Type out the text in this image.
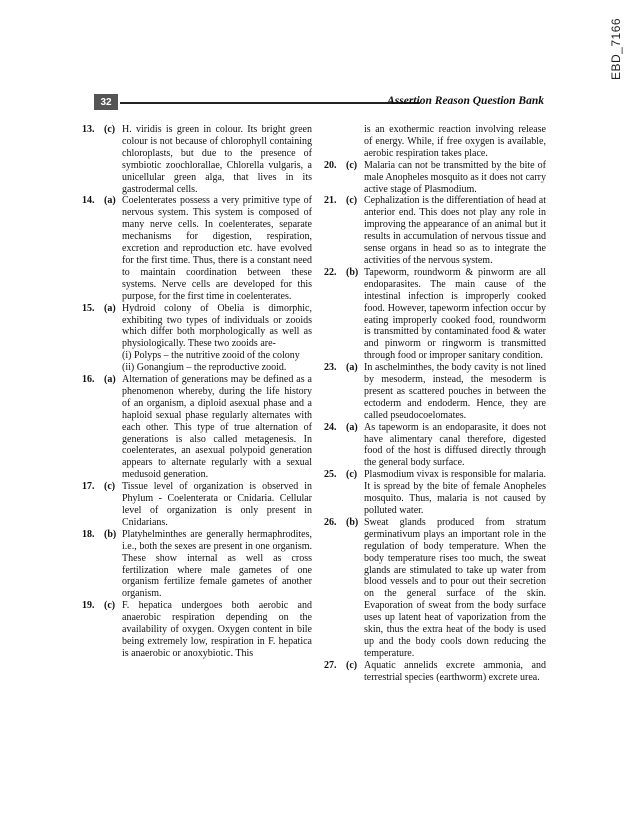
EBD_7166
32	Assertion Reason Question Bank
13. (c) H. viridis is green in colour. Its bright green colour is not because of chlorophyll containing chloroplasts, but due to the presence of symbiotic zoochlorallae, Chlorella vulgaris, a unicellular green alga, that lives in its gastrodermal cells.
14. (a) Coelenterates possess a very primitive type of nervous system. This system is composed of many nerve cells. In coelenterates, separate mechanisms for digestion, respiration, excretion and reproduction etc. have evolved for the first time. Thus, there is a constant need to maintain coordination between these systems. Nerve cells are developed for this purpose, for the first time in coelenterates.
15. (a) Hydroid colony of Obelia is dimorphic, exhibiting two types of individuals or zooids which differ both morphologically as well as physiologically. These two zooids are-
(i) Polyps – the nutritive zooid of the colony
(ii) Gonangium – the reproductive zooid.
16. (a) Alternation of generations may be defined as a phenomenon whereby, during the life history of an organism, a diploid asexual phase and a haploid sexual phase regularly alternates with each other. This type of true alternation of generations is also called metagenesis. In coelenterates, an asexual polypoid generation appears to alternate regularly with a sexual medusoid generation.
17. (c) Tissue level of organization is observed in Phylum - Coelenterata or Cnidaria. Cellular level of organization is only present in Cnidarians.
18. (b) Platyhelminthes are generally hermaphrodites, i.e., both the sexes are present in one organism. These show internal as well as cross fertilization where male gametes of one organism fertilize female gametes of another organism.
19. (c) F. hepatica undergoes both aerobic and anaerobic respiration depending on the availability of oxygen. Oxygen content in bile being extremely low, respiration in F. hepatica is anaerobic or anoxybiotic. This
is an exothermic reaction involving release of energy. While, if free oxygen is available, aerobic respiration takes place.
20. (c) Malaria can not be transmitted by the bite of male Anopheles mosquito as it does not carry active stage of Plasmodium.
21. (c) Cephalization is the differentiation of head at anterior end. This does not play any role in improving the appearance of an animal but it results in accumulation of nervous tissue and sense organs in head so as to integrate the activities of the nervous system.
22. (b) Tapeworm, roundworm & pinworm are all endoparasites. The main cause of the intestinal infection is improperly cooked food. However, tapeworm infection occur by eating improperly cooked food, roundworm is transmitted by contaminated food & water and pinworm or ringworm is transmitted through food or improper sanitary condition.
23. (a) In aschelminthes, the body cavity is not lined by mesoderm, instead, the mesoderm is present as scattered pouches in between the ectoderm and endoderm. Hence, they are called pseudocoelomates.
24. (a) As tapeworm is an endoparasite, it does not have alimentary canal therefore, digested food of the host is diffused directly through the general body surface.
25. (c) Plasmodium vivax is responsible for malaria. It is spread by the bite of female Anopheles mosquito. Thus, malaria is not caused by polluted water.
26. (b) Sweat glands produced from stratum germinativum plays an important role in the regulation of body temperature. When the body temperature rises too much, the sweat glands are stimulated to take up water from blood vessels and to pour out their secretion on the general surface of the skin. Evaporation of sweat from the body surface uses up latent heat of vaporization from the skin, thus the extra heat of the body is used up and the body cools down reducing the temperature.
27. (c) Aquatic annelids excrete ammonia, and terrestrial species (earthworm) excrete urea.
